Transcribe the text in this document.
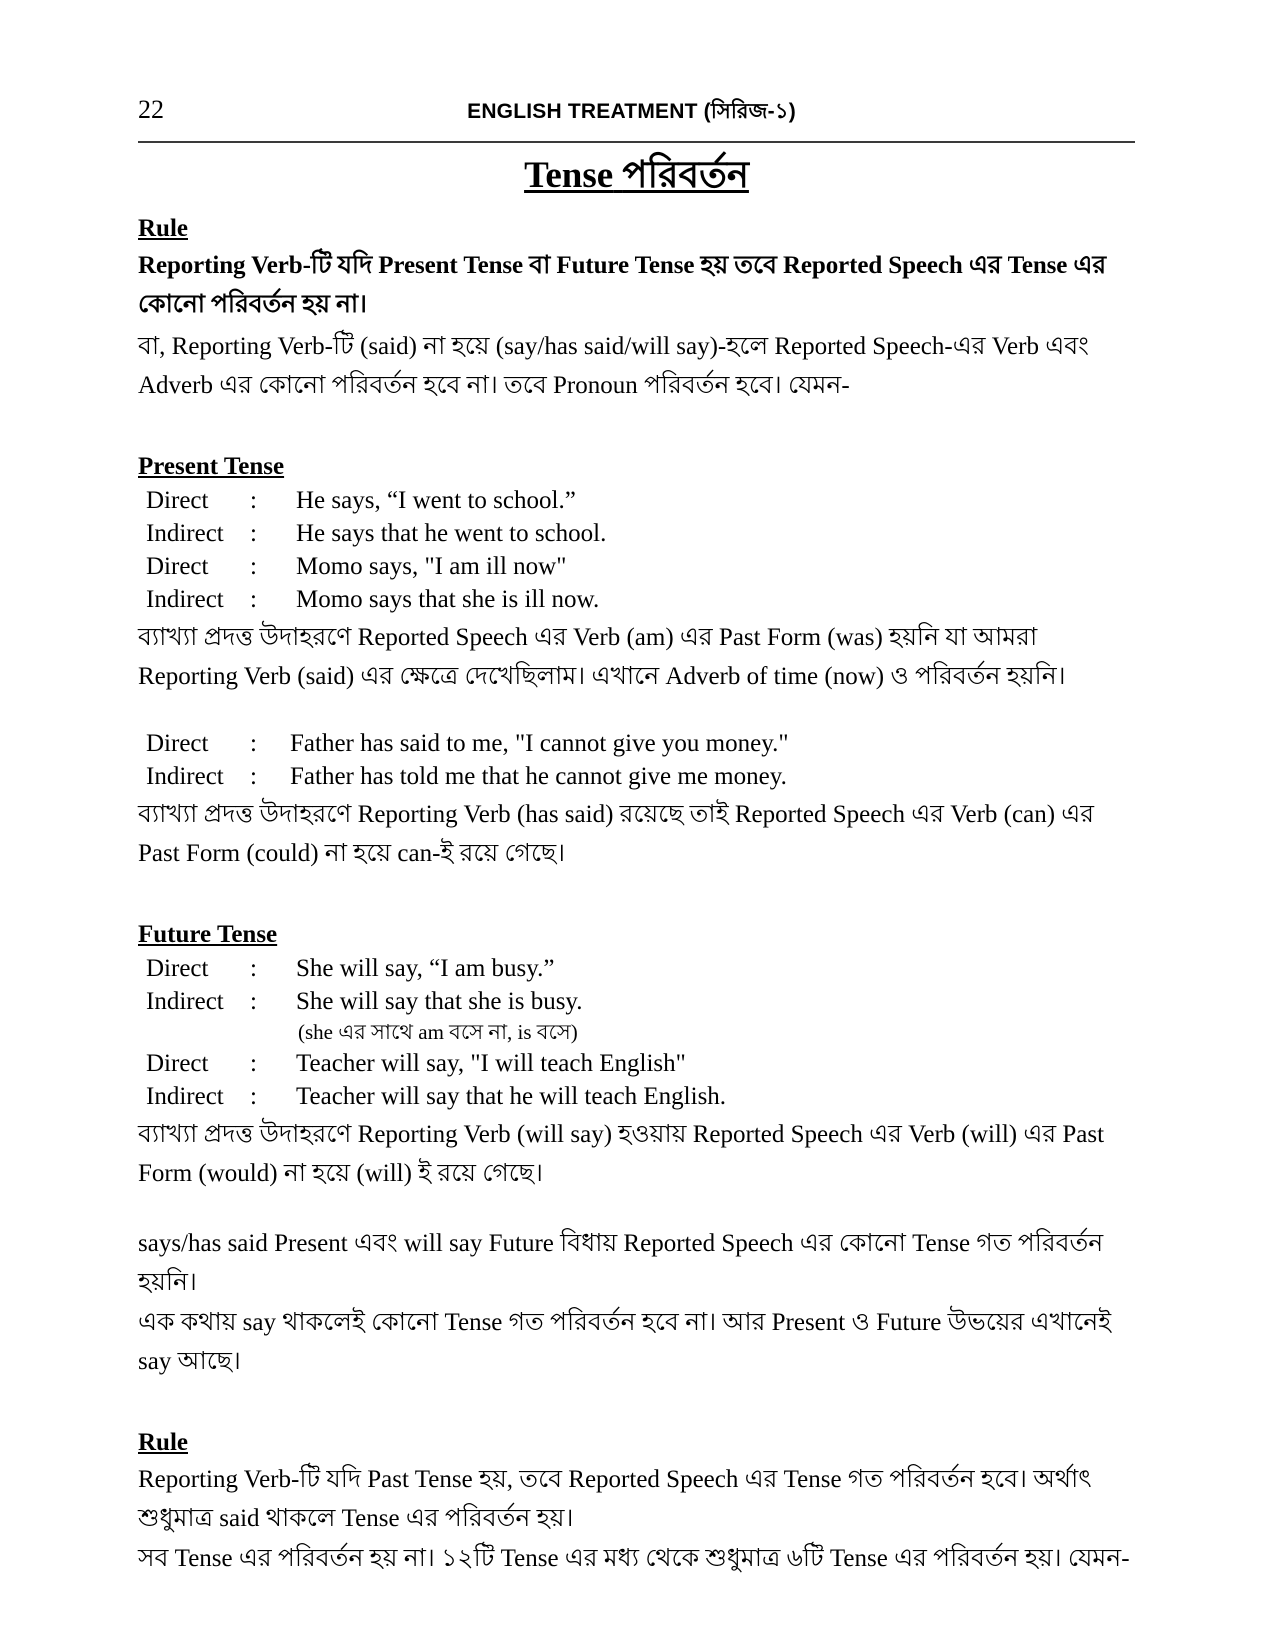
22	ENGLISH TREATMENT (সিরিজ-১)
Tense পরিবর্তন
Rule

Reporting Verb-টি যদি Present Tense বা Future Tense হয় তবে Reported Speech এর Tense এর কোনো পরিবর্তন হয় না।

বা, Reporting Verb-টি (said) না হয়ে (say/has said/will say)-হলে Reported Speech-এর Verb এবং Adverb এর কোনো পরিবর্তন হবে না। তবে Pronoun পরিবর্তন হবে। যেমন-

Present Tense
Direct	:	He says, “I went to school.”
Indirect	:	He says that he went to school.
Direct	:	Momo says, "I am ill now"
Indirect	:	Momo says that she is ill now.

ব্যাখ্যা প্রদত্ত উদাহরণে Reported Speech এর Verb (am) এর Past Form (was) হয়নি যা আমরা Reporting Verb (said) এর ক্ষেত্রে দেখেছিলাম। এখানে Adverb of time (now) ও পরিবর্তন হয়নি।

Direct	:	Father has said to me, "I cannot give you money."
Indirect	:	Father has told me that he cannot give me money.

ব্যাখ্যা প্রদত্ত উদাহরণে Reporting Verb (has said) রয়েছে তাই Reported Speech এর Verb (can) এর Past Form (could) না হয়ে can-ই রয়ে গেছে।

Future Tense
Direct	:	She will say, “I am busy.”
Indirect	:	She will say that she is busy.
(she এর সাথে am বসে না, is বসে)
Direct	:	Teacher will say, "I will teach English"
Indirect	:	Teacher will say that he will teach English.

ব্যাখ্যা প্রদত্ত উদাহরণে Reporting Verb (will say) হওয়ায় Reported Speech এর Verb (will) এর Past Form (would) না হয়ে (will) ই রয়ে গেছে।

says/has said Present এবং will say Future বিধায় Reported Speech এর কোনো Tense গত পরিবর্তন হয়নি।

এক কথায় say থাকলেই কোনো Tense গত পরিবর্তন হবে না। আর Present ও Future উভয়ের এখানেই say আছে।

Rule

Reporting Verb-টি যদি Past Tense হয়, তবে Reported Speech এর Tense গত পরিবর্তন হবে। অর্থাৎ শুধুমাত্র said থাকলে Tense এর পরিবর্তন হয়।

সব Tense এর পরিবর্তন হয় না। ১২টি Tense এর মধ্য থেকে শুধুমাত্র ৬টি Tense এর পরিবর্তন হয়। যেমন-
